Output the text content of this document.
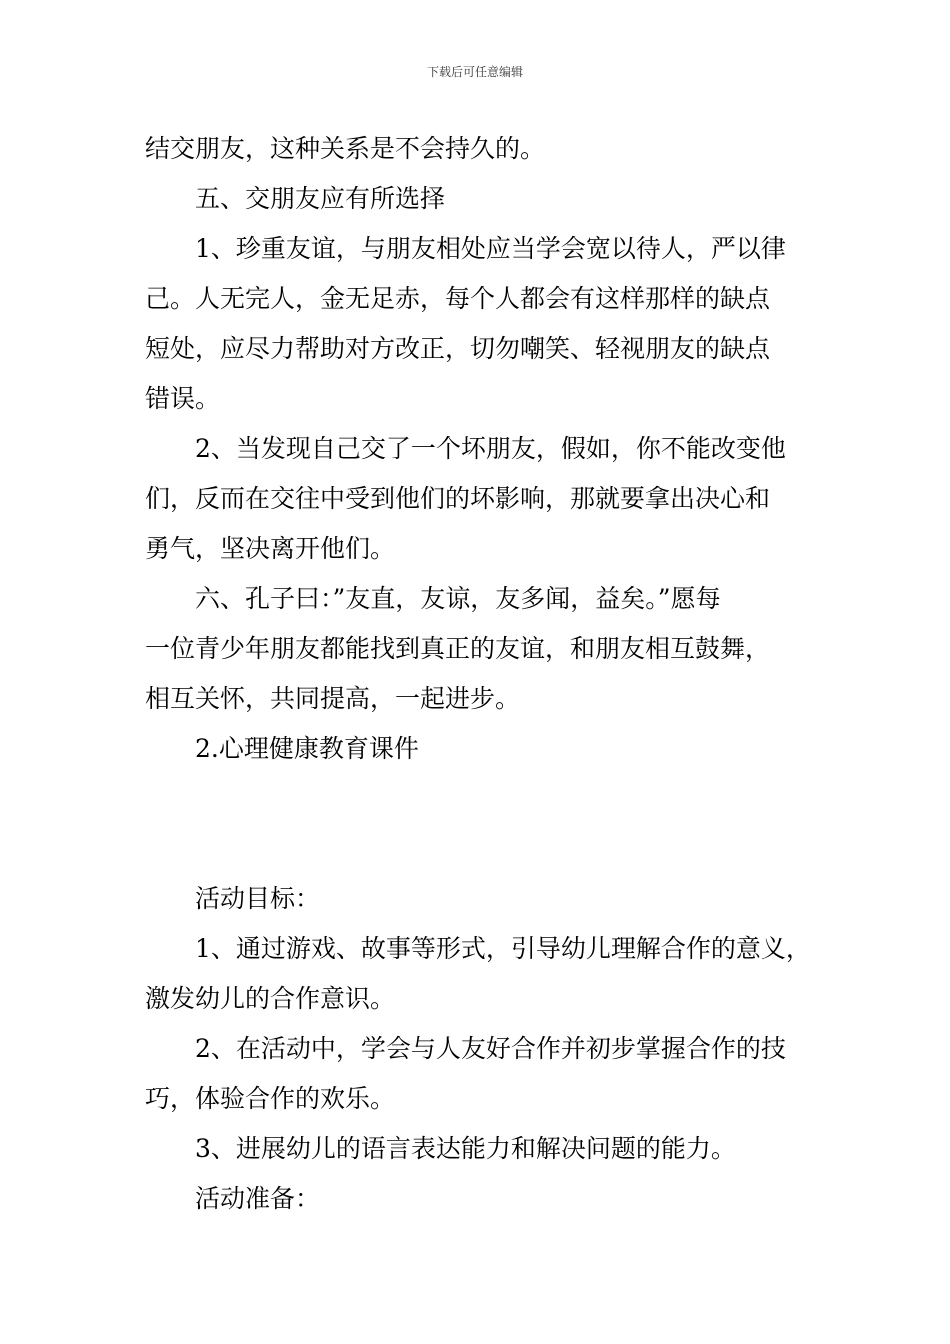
下载后可任意编辑
结交朋友，这种关系是不会持久的。
五、交朋友应有所选择
1、珍重友谊，与朋友相处应当学会宽以待人，严以律
己。人无完人，金无足赤，每个人都会有这样那样的缺点
短处，应尽力帮助对方改正，切勿嘲笑、轻视朋友的缺点
错误。
2、当发现自己交了一个坏朋友，假如，你不能改变他
们，反而在交往中受到他们的坏影响，那就要拿出决心和
勇气，坚决离开他们。
六、孔子曰：”友直，友谅，友多闻，益矣。”愿每
一位青少年朋友都能找到真正的友谊，和朋友相互鼓舞，
相互关怀，共同提高，一起进步。
2.心理健康教育课件
活动目标：
1、通过游戏、故事等形式，引导幼儿理解合作的意义，
激发幼儿的合作意识。
2、在活动中，学会与人友好合作并初步掌握合作的技
巧，体验合作的欢乐。
3、进展幼儿的语言表达能力和解决问题的能力。
活动准备：
